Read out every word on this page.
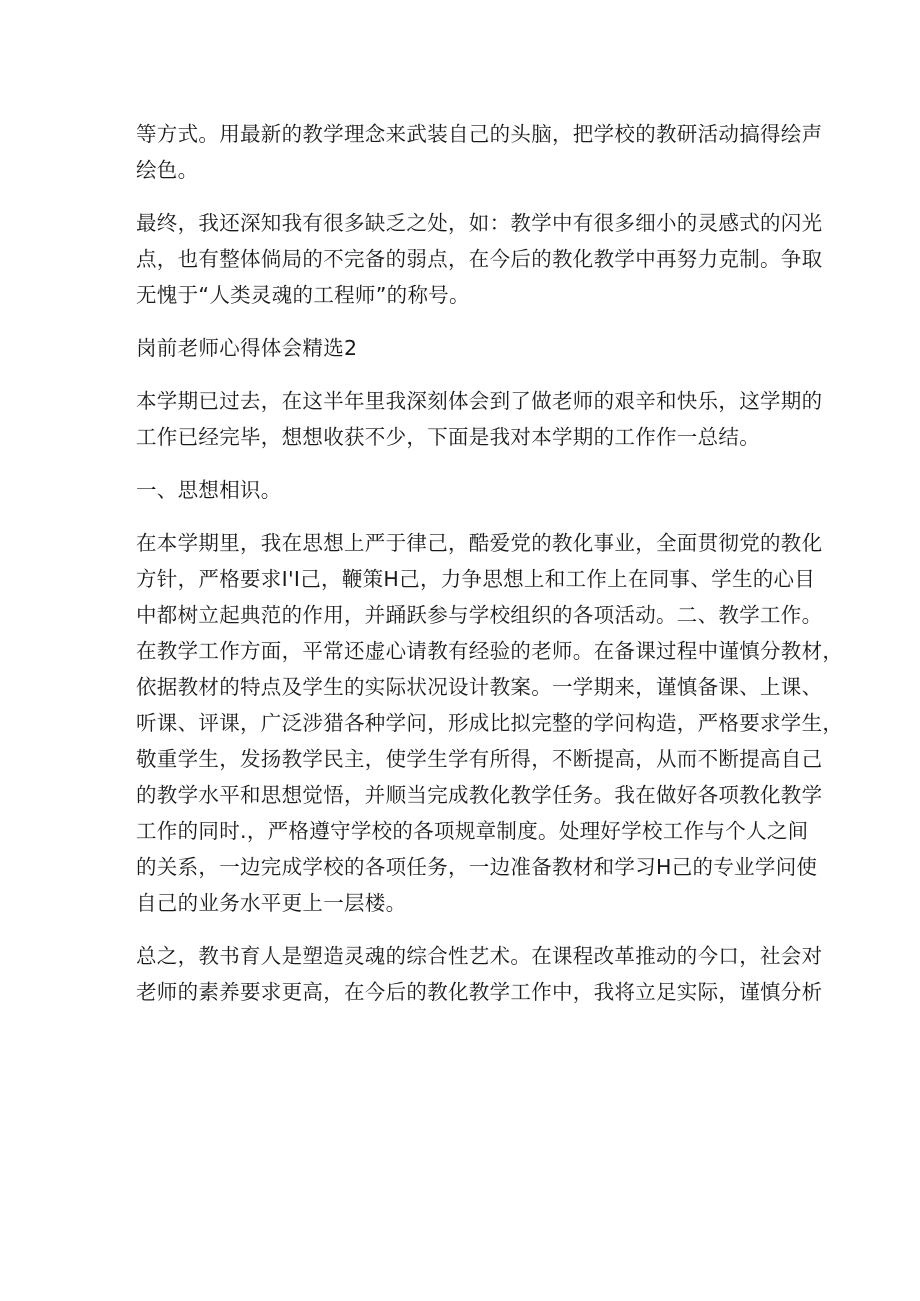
等方式。用最新的教学理念来武装自己的头脑，把学校的教研活动搞得绘声
绘色。
最终，我还深知我有很多缺乏之处，如：教学中有很多细小的灵感式的闪光
点，也有整体倘局的不完备的弱点，在今后的教化教学中再努力克制。争取
无愧于“人类灵魂的工程师”的称号。
岗前老师心得体会精选2
本学期已过去，在这半年里我深刻体会到了做老师的艰辛和快乐，这学期的
工作已经完毕，想想收获不少，下面是我对本学期的工作作一总结。
一、思想相识。
在本学期里，我在思想上严于律己，酷爱党的教化事业，全面贯彻党的教化
方针，严格要求I'I己，鞭策H己，力争思想上和工作上在同事、学生的心目
中都树立起典范的作用，并踊跃参与学校组织的各项活动。二、教学工作。
在教学工作方面，平常还虚心请教有经验的老师。在备课过程中谨慎分教材，
依据教材的特点及学生的实际状况设计教案。一学期来，谨慎备课、上课、
听课、评课，广泛涉猎各种学问，形成比拟完整的学问构造，严格要求学生，
敬重学生，发扬教学民主，使学生学有所得，不断提高，从而不断提高自己
的教学水平和思想觉悟，并顺当完成教化教学任务。我在做好各项教化教学
工作的同时.，严格遵守学校的各项规章制度。处理好学校工作与个人之间
的关系，一边完成学校的各项任务，一边准备教材和学习H己的专业学问使
自己的业务水平更上一层楼。
总之，教书育人是塑造灵魂的综合性艺术。在课程改革推动的今口，社会对
老师的素养要求更高，在今后的教化教学工作中，我将立足实际，谨慎分析
